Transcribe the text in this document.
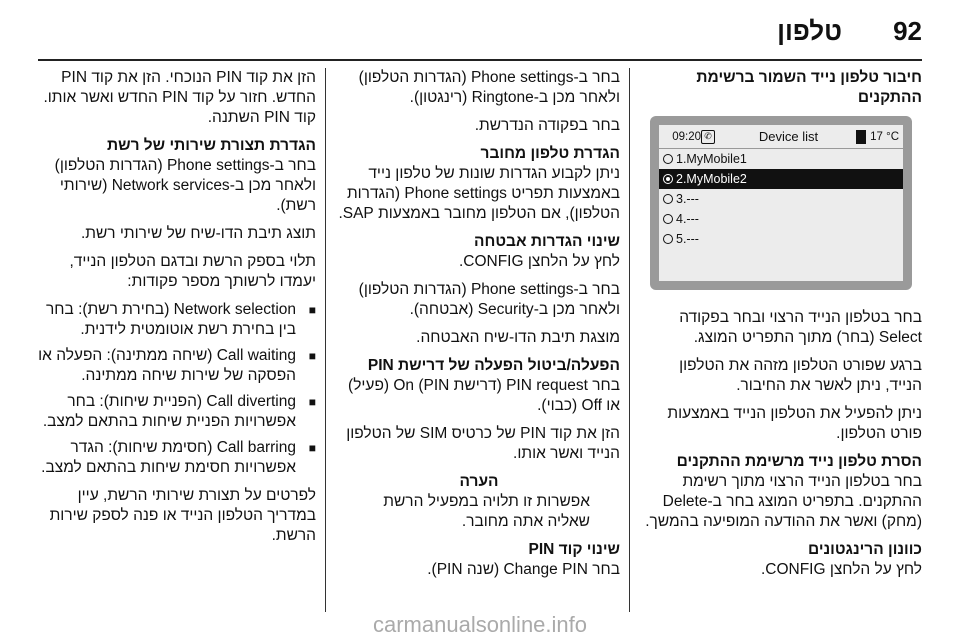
92
טלפון
חיבור טלפון נייד השמור ברשימת ההתקנים
09:20 ✆	Device list	17 °C
1.MyMobile1
2.MyMobile2
3.---
4.---
5.---

בחר בטלפון הנייד הרצוי ובחר בפקודה Select (בחר) מתוך התפריט המוצג.

ברגע שפורט הטלפון מזהה את הטלפון הנייד, ניתן לאשר את החיבור.

ניתן להפעיל את הטלפון הנייד באמצעות פורט הטלפון.

הסרת טלפון נייד מרשימת ההתקנים

בחר בטלפון הנייד הרצוי מתוך רשימת ההתקנים. בתפריט המוצג בחר ב-Delete (מחק) ואשר את ההודעה המופיעה בהמשך.

כוונון הרינגטונים

לחץ על הלחצן CONFIG.

בחר ב-Phone settings (הגדרות הטלפון) ולאחר מכן ב-Ringtone (רינגטון).

בחר בפקודה הנדרשת.

הגדרת טלפון מחובר

ניתן לקבוע הגדרות שונות של טלפון נייד באמצעות תפריט Phone settings (הגדרות הטלפון), אם הטלפון מחובר באמצעות SAP.

שינוי הגדרות אבטחה

לחץ על הלחצן CONFIG.

בחר ב-Phone settings (הגדרות הטלפון) ולאחר מכן ב-Security (אבטחה).

מוצגת תיבת הדו-שיח האבטחה.

הפעלה/ביטול הפעלה של דרישת PIN

בחר PIN request (דרישת PIN) On (פעיל) או Off (כבוי).

הזן את קוד PIN של כרטיס SIM של הטלפון הנייד ואשר אותו.

הערה

אפשרות זו תלויה במפעיל הרשת שאליה אתה מחובר.

שינוי קוד PIN

בחר Change PIN (שנה PIN).

הזן את קוד PIN הנוכחי. הזן את קוד PIN החדש. חזור על קוד PIN החדש ואשר אותו. קוד PIN השתנה.

הגדרת תצורת שירותי של רשת

בחר ב-Phone settings (הגדרות הטלפון) ולאחר מכן ב-Network services (שירותי רשת).

תוצג תיבת הדו-שיח של שירותי רשת.

תלוי בספק הרשת ובדגם הטלפון הנייד, יעמדו לרשותך מספר פקודות:

■ Network selection (בחירת רשת): בחר בין בחירת רשת אוטומטית לידנית.
■ Call waiting (שיחה ממתינה): הפעלה או הפסקה של שירות שיחה ממתינה.
■ Call diverting (הפניית שיחות): בחר אפשרויות הפניית שיחות בהתאם למצב.
■ Call barring (חסימת שיחות): הגדר אפשרויות חסימת שיחות בהתאם למצב.

לפרטים על תצורת שירותי הרשת, עיין במדריך הטלפון הנייד או פנה לספק שירות הרשת.

carmanualsonline.info
